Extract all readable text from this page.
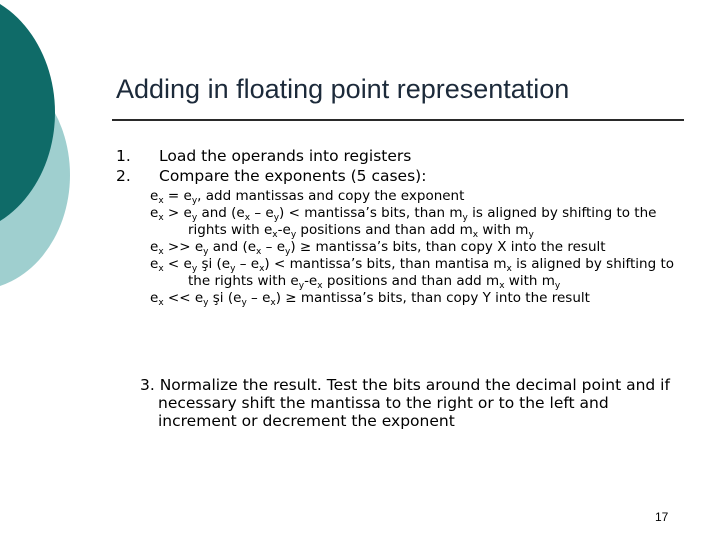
Adding in floating point representation
1. Load the operands into registers
2. Compare the exponents (5 cases):
$e_x = e_y$, add mantissas and copy the exponent
$e_x > e_y$ and $(e_x - e_y)$ < mantissa’s bits, than $m_y$ is aligned by shifting to the rights with $e_x-e_y$ positions and than add $m_x$ with $m_y$
$e_x >> e_y$ and $(e_x - e_y)$ ≥ mantissa’s bits, than copy X into the result
$e_x < e_y$ şi $(e_y - e_x)$ < mantissa’s bits, than mantisa $m_x$ is aligned by shifting to the rights with $e_y-e_x$ positions and than add $m_x$ with $m_y$
$e_x << e_y$ şi $(e_y - e_x)$ ≥ mantissa’s bits, than copy Y into the result
3. Normalize the result. Test the bits around the decimal point and if necessary shift the mantissa to the right or to the left and increment or decrement the exponent
17
